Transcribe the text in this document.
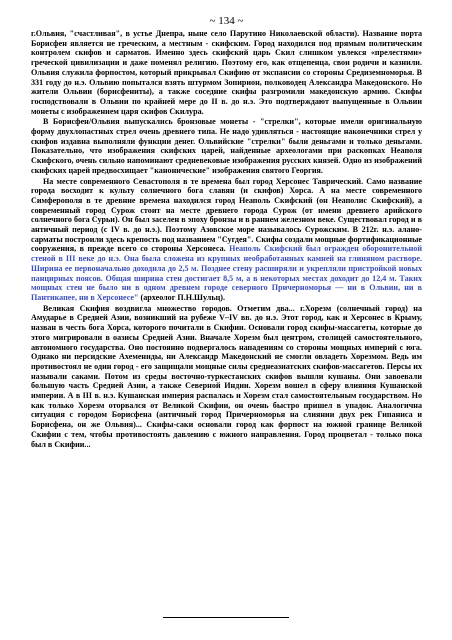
~ 134 ~

г.Ольвия, "счастливая", в устье Днепра, ныне село Парутино Николаевской области). Название порта Борисфен является не греческим, а местным - скифским. Город находился под прямым политическим контролем скифов и сарматов. Именно здесь скифский царь Скил слишком увлекся «прелестями» греческой цивилизации и даже поменял религию. Поэтому его, как отщепенца, свои родичи и казнили. Ольвия служила форпостом, который прикрывал Скифию от экспансии со стороны Средиземноморья. В 331 году до н.э. Ольвию попытался взять штурмом Зопирион, полководец Александра Македонского. Но жители Ольвии (борисфениты), а также соседние скифы разгромили македонскую армию. Скифы господствовали в Ольвии по крайней мере до II в. до н.э. Это подтверждают выпущенные в Ольвии монеты с изображением царя скифов Скилура.

В Борисфен/Ольвия выпускались бронзовые монеты - "стрелки", которые имели оригинальную форму двухлопастных стрел очень древнего типа. Не надо удивляться - настоящие наконечники стрел у скифов издавна выполняли функции денег. Ольвийские "стрелки" были деньгами и только деньгами. Показательно, что изображения скифских царей, найденные археологами при раскопках Неаполя Скифского, очень сильно напоминают средневековые изображения русских князей. Одно из изображений скифских царей предвосхищает "канонические" изображения святого Георгия.

На месте современного Севастополя в те времена был город Херсонес Таврический. Само название города восходит к культу солнечного бога славян (и скифов) Хорса. А на месте современного Симферополя в те древние времена находился город Неаполь Скифский (он Неаполис Скифский), а современный город Сурож стоит на месте древнего города Сурож (от имени древнего арийского солнечного бога Сурьи). Он был заселен в эпоху бронзы и в раннем железном веке. Существовал город и в античный период (с IV в. до н.э.). Поэтому Азовское море называлось Сурожским. В 212г. н.э. алано-сарматы построили здесь крепость под названием "Сугдея". Скифы создали мощные фортификационные сооружения, в прежде всего со стороны Херсонеса. Неаполь Скифский был огражден оборонительной стеной в III веке до н.э. Она была сложена из крупных необработанных камней на глиняном растворе. Ширина ее первоначально доходила до 2,5 м. Позднее стену расширяли и укрепляли пристройкой новых панцирных поясов. Общая ширина стен достигает 8,5 м, а в некоторых местах доходит до 12,4 м. Таких мощных стен не было ни в одном древнем городе северного Причерноморья — ни в Ольвии, ни в Пантикапее, ни в Херсонесе" (археолог П.Н.Шульц).

Великая Скифия воздвигла множество городов. Отметим два... г.Хорезм (солнечный город) на Амударье в Средней Азии, возникший на рубеже V–IV вв. до н.э. Этот город, как и Херсонес в Крыму, назван в честь бога Хорса, которого почитали в Скифии. Основали город скифы-массагеты, которые до этого мигрировали в оазисы Средней Азии. Вначале Хорезм был центром, столицей самостоятельного, автономного государства. Оно постоянно подвергалось нападениям со стороны мощных империй с юга. Однако ни персидские Ахемениды, ни Александр Македонский не смогли овладеть Хорезмом. Ведь им противостоял не один город - его защищали мощные силы среднеазиатских скифов-массагетов. Персы их называли саками. Потом из среды восточно-туркестанских скифов вышли кушаны. Они завоевали большую часть Средней Азии, а также Северной Индии. Хорезм вошел в сферу влияния Кушанской империи. А в III в. н.э. Кушанская империя распалась и Хорезм стал самостоятельным государством. Но как только Хорезм оторвался от Великой Скифии, он очень быстро пришел в упадок. Аналогична ситуация с городом Борисфена (античный город Причерноморья на слиянии двух рек Гипаниса и Борисфена, он же Ольвия)... Скифы-саки основали город как форпост на южной границе Великой Скифии с тем, чтобы противостоять давлению с южного направления. Город процветал - только пока был в Скифии...
